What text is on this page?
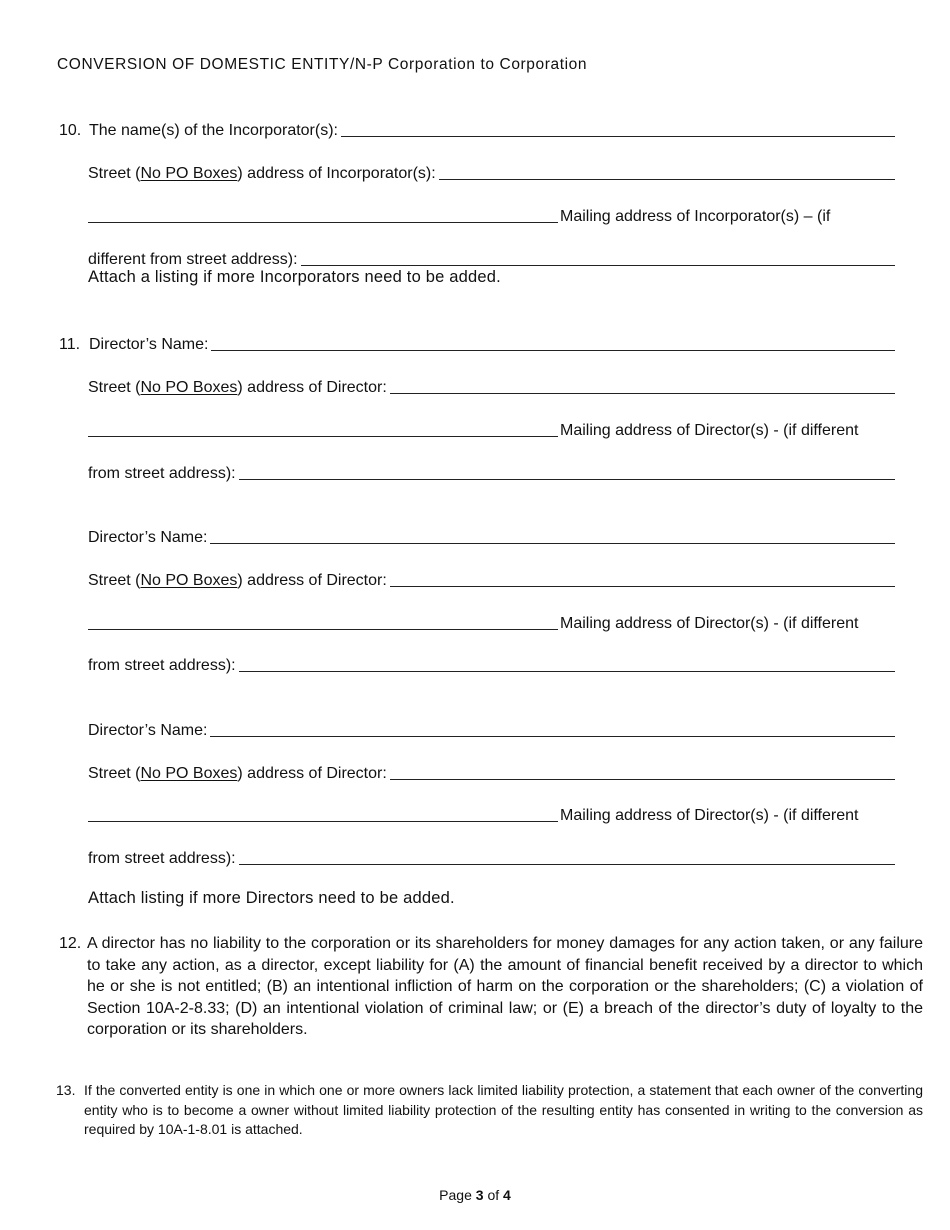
CONVERSION OF DOMESTIC ENTITY/N-P Corporation to Corporation
10. The name(s) of the Incorporator(s):
Street ( No PO Boxes ) address of Incorporator(s):
Mailing address of Incorporator(s) – (if
different from street address):
Attach a listing if more Incorporators need to be added.
11. Director’s Name:
Street ( No PO Boxes ) address of Director:
Mailing address of Director(s) - (if different
from street address):
Director’s Name:
Street ( No PO Boxes ) address of Director:
Mailing address of Director(s) - (if different
from street address):
Director’s Name:
Street ( No PO Boxes ) address of Director:
Mailing address of Director(s) - (if different
from street address):
Attach listing if more Directors need to be added.
12. A director has no liability to the corporation or its shareholders for money damages for any action taken, or any failure to take any action, as a director, except liability for (A) the amount of financial benefit received by a director to which he or she is not entitled; (B) an intentional infliction of harm on the corporation or the shareholders; (C) a violation of Section 10A-2-8.33; (D) an intentional violation of criminal law; or (E) a breach of the director’s duty of loyalty to the corporation or its shareholders.
13. If the converted entity is one in which one or more owners lack limited liability protection, a statement that each owner of the converting entity who is to become a owner without limited liability protection of the resulting entity has consented in writing to the conversion as required by 10A-1-8.01 is attached.
Page 3 of 4
